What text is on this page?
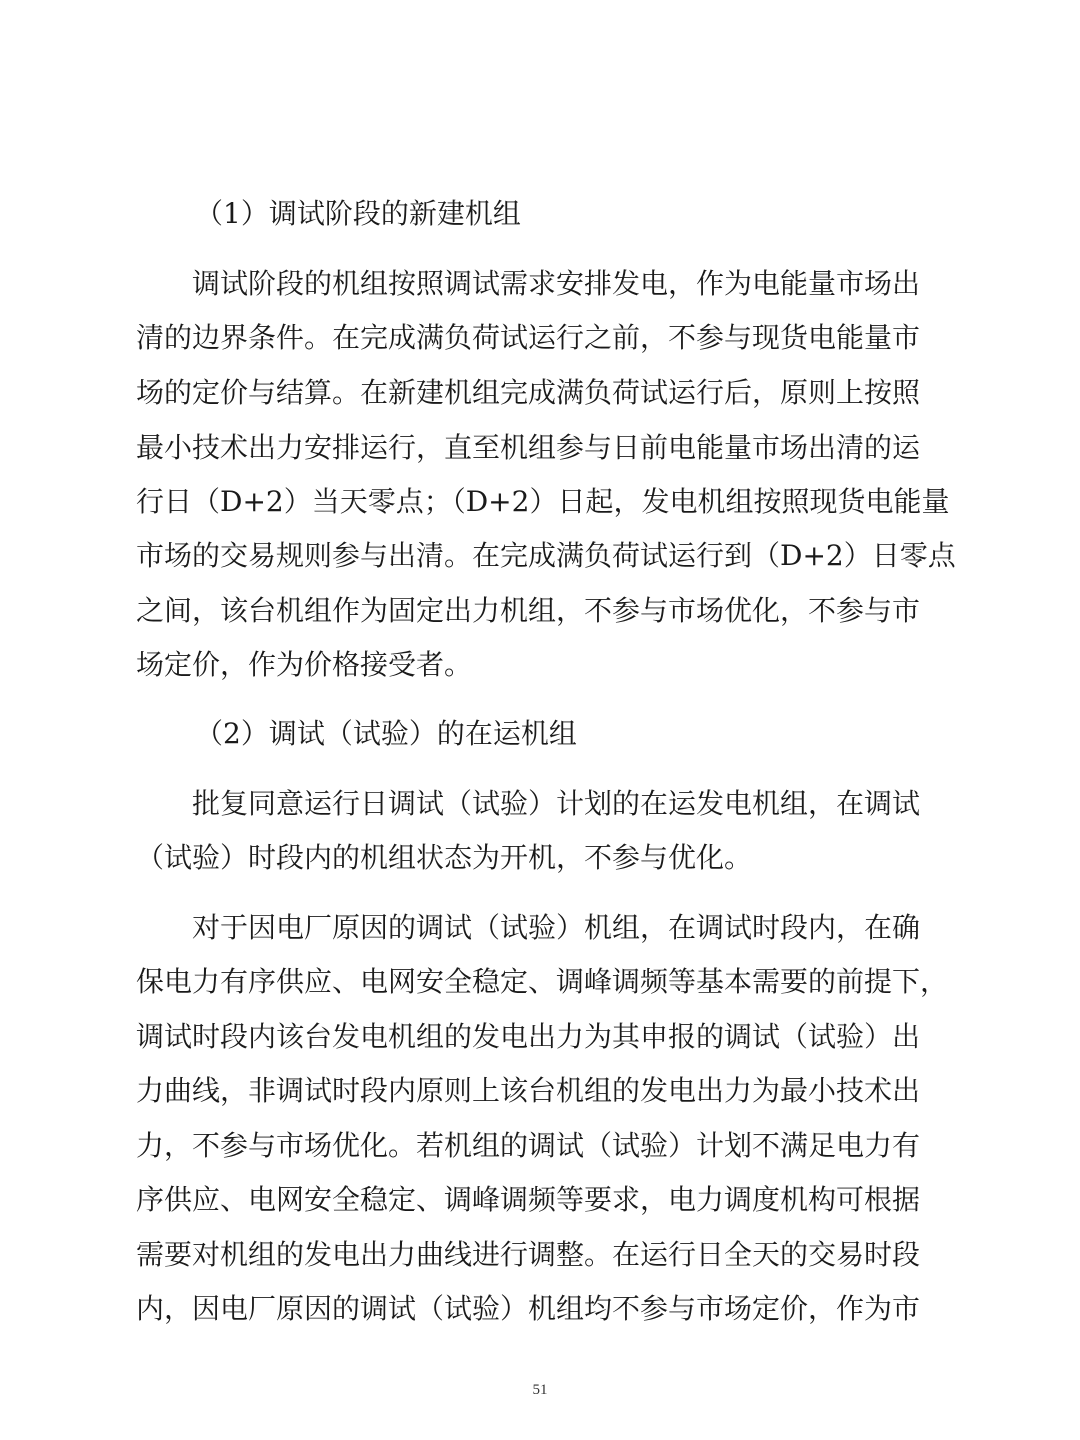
（1）调试阶段的新建机组
调试阶段的机组按照调试需求安排发电，作为电能量市场出
清的边界条件。在完成满负荷试运行之前，不参与现货电能量市
场的定价与结算。在新建机组完成满负荷试运行后，原则上按照
最小技术出力安排运行，直至机组参与日前电能量市场出清的运
行日（D+2）当天零点；（D+2）日起，发电机组按照现货电能量
市场的交易规则参与出清。在完成满负荷试运行到（D+2）日零点
之间，该台机组作为固定出力机组，不参与市场优化，不参与市
场定价，作为价格接受者。
（2）调试（试验）的在运机组
批复同意运行日调试（试验）计划的在运发电机组，在调试
（试验）时段内的机组状态为开机，不参与优化。
对于因电厂原因的调试（试验）机组，在调试时段内，在确
保电力有序供应、电网安全稳定、调峰调频等基本需要的前提下，
调试时段内该台发电机组的发电出力为其申报的调试（试验）出
力曲线，非调试时段内原则上该台机组的发电出力为最小技术出
力，不参与市场优化。若机组的调试（试验）计划不满足电力有
序供应、电网安全稳定、调峰调频等要求，电力调度机构可根据
需要对机组的发电出力曲线进行调整。在运行日全天的交易时段
内，因电厂原因的调试（试验）机组均不参与市场定价，作为市
51
